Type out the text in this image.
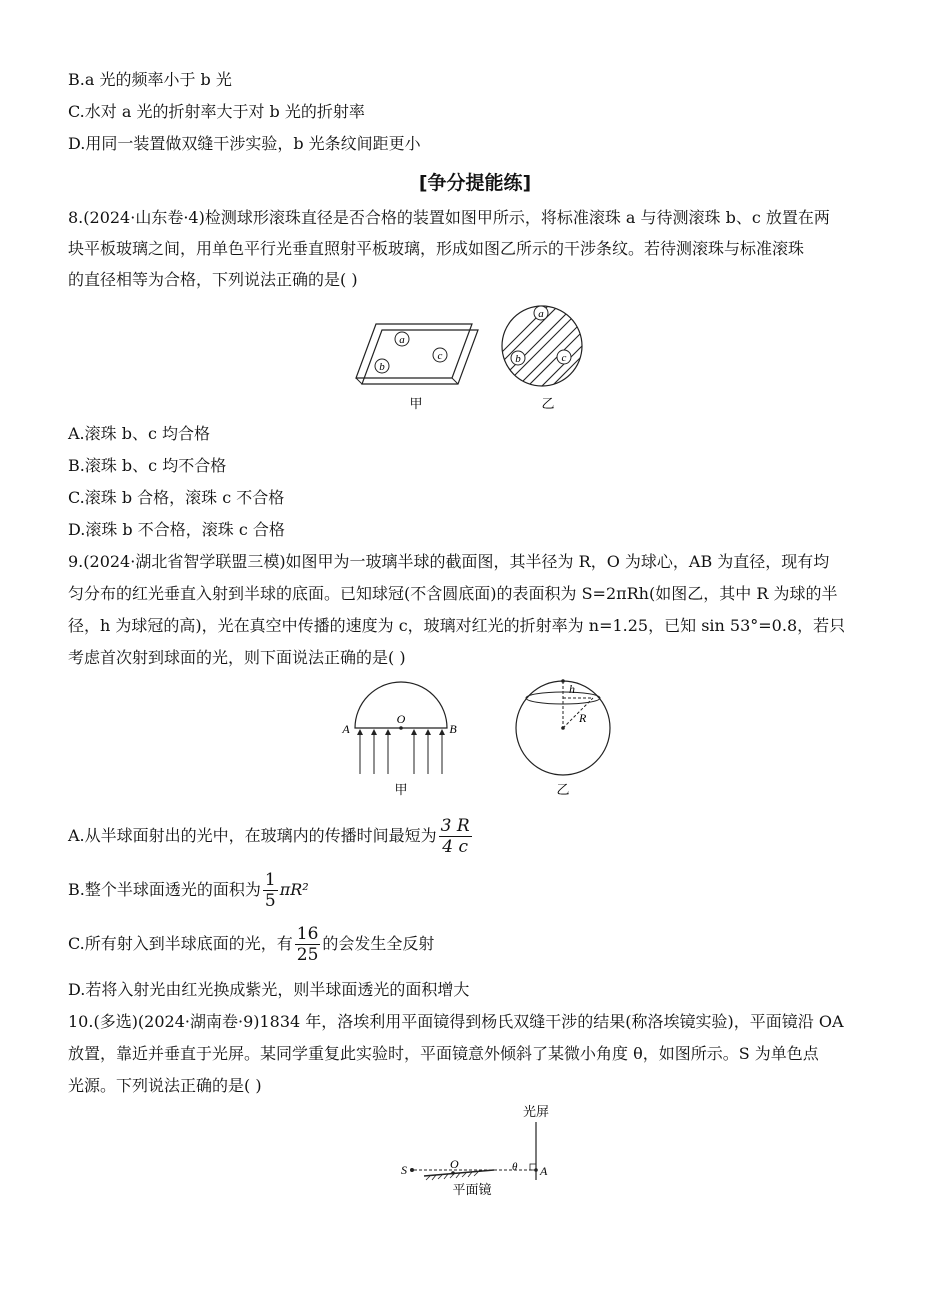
B.a 光的频率小于 b 光
C.水对 a 光的折射率大于对 b 光的折射率
D.用同一装置做双缝干涉实验，b 光条纹间距更小
[争分提能练]
8.(2024·山东卷·4)检测球形滚珠直径是否合格的装置如图甲所示，将标准滚珠 a 与待测滚珠 b、c 放置在两
块平板玻璃之间，用单色平行光垂直照射平板玻璃，形成如图乙所示的干涉条纹。若待测滚珠与标准滚珠
的直径相等为合格，下列说法正确的是( )
a
b
c
甲
a
b	c
乙
A.滚珠 b、c 均合格
B.滚珠 b、c 均不合格
C.滚珠 b 合格，滚珠 c 不合格
D.滚珠 b 不合格，滚珠 c 合格
9.(2024·湖北省智学联盟三模)如图甲为一玻璃半球的截面图，其半径为 R，O 为球心，AB 为直径，现有均
匀分布的红光垂直入射到半球的底面。已知球冠(不含圆底面)的表面积为 S=2πRh(如图乙，其中 R 为球的半
径，h 为球冠的高)，光在真空中传播的速度为 c，玻璃对红光的折射率为 n=1.25，已知 sin 53°=0.8，若只
考虑首次射到球面的光，则下面说法正确的是( )
O
A	B
甲
h
R
乙
A.从半球面射出的光中，在玻璃内的传播时间最短为 $\frac{3 R}{4 c}$
B.整个半球面透光的面积为 $\frac{1}{5} \pi R^2$
C.所有射入到半球底面的光，有 $\frac{16}{25}$ 的会发生全反射
D.若将入射光由红光换成紫光，则半球面透光的面积增大
10.(多选)(2024·湖南卷·9)1834 年，洛埃利用平面镜得到杨氏双缝干涉的结果(称洛埃镜实验)，平面镜沿 OA
放置，靠近并垂直于光屏。某同学重复此实验时，平面镜意外倾斜了某微小角度 θ，如图所示。S 为单色点
光源。下列说法正确的是( )
光屏
S	O	θ A
平面镜
